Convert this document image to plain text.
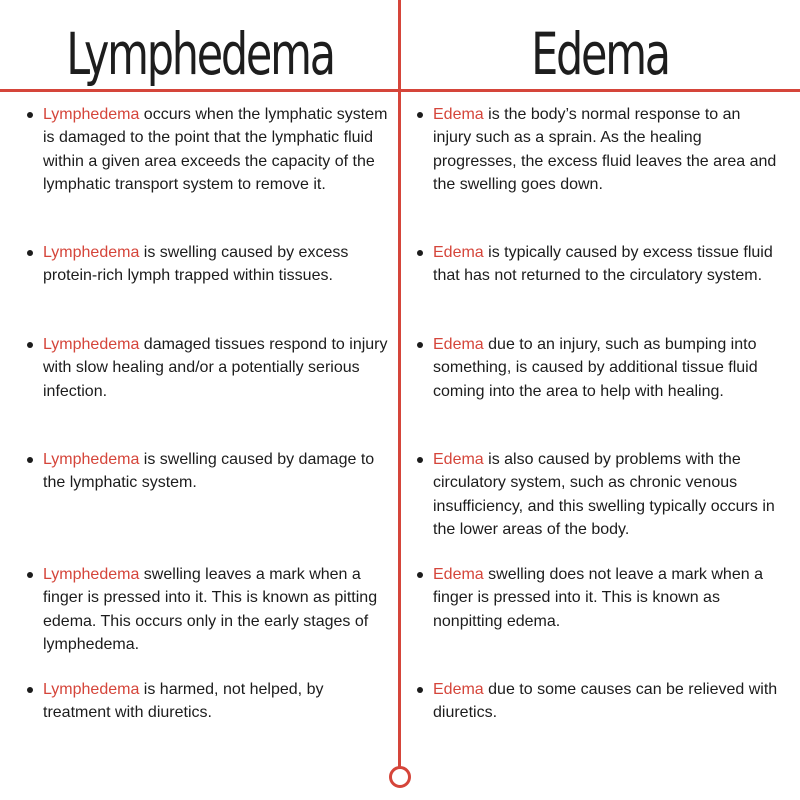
Lymphedema	Edema
Lymphedema occurs when the lymphatic system is damaged to the point that the lymphatic fluid within a given area exceeds the capacity of the lymphatic transport system to remove it.
Lymphedema is swelling caused by excess protein-rich lymph trapped within tissues.
Lymphedema damaged tissues respond to injury with slow healing and/or a potentially serious infection.
Lymphedema is swelling caused by damage to the lymphatic system.
Lymphedema swelling leaves a mark when a finger is pressed into it. This is known as pitting edema. This occurs only in the early stages of lymphedema.
Lymphedema is harmed, not helped, by treatment with diuretics.
Edema is the body’s normal response to an injury such as a sprain. As the healing progresses, the excess fluid leaves the area and the swelling goes down.
Edema is typically caused by excess tissue fluid that has not returned to the circulatory system.
Edema due to an injury, such as bumping into something, is caused by additional tissue fluid coming into the area to help with healing.
Edema is also caused by problems with the circulatory system, such as chronic venous insufficiency, and this swelling typically occurs in the lower areas of the body.
Edema swelling does not leave a mark when a finger is pressed into it. This is known as nonpitting edema.
Edema due to some causes can be relieved with diuretics.
